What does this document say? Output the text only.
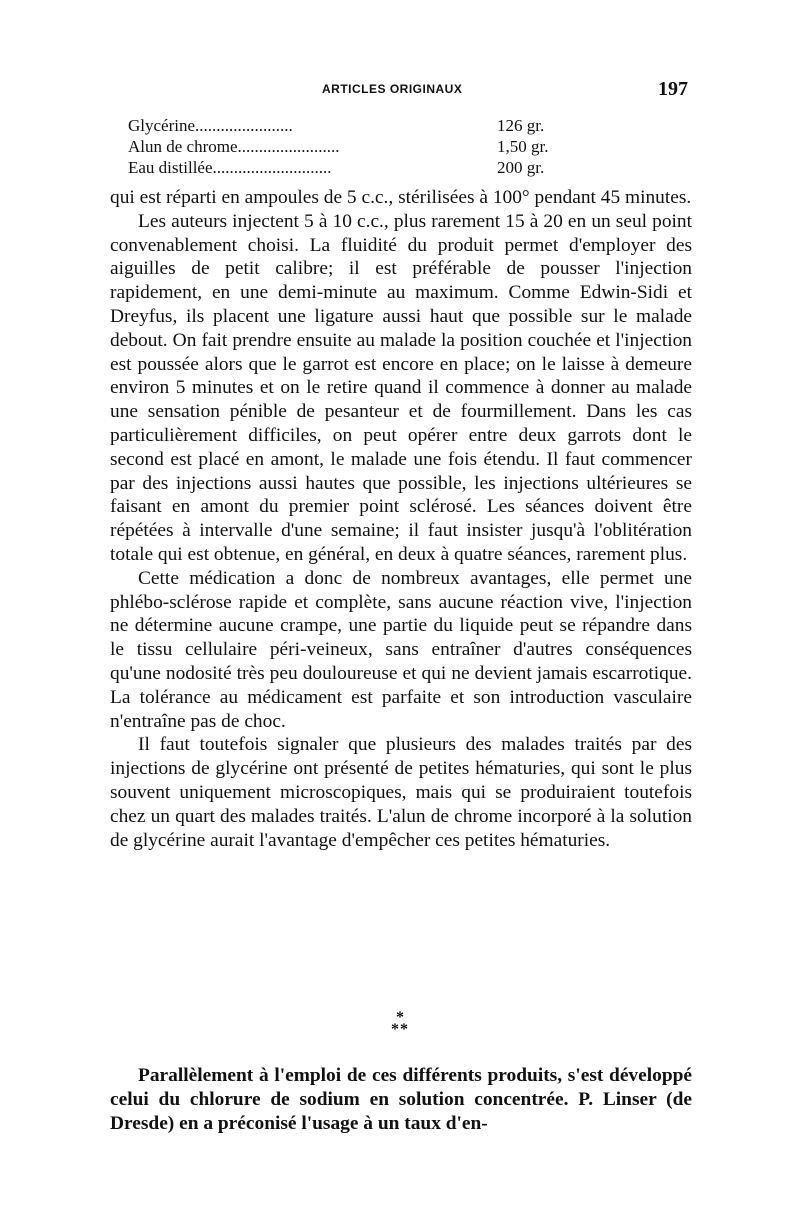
ARTICLES ORIGINAUX	197
Glycérine.......................	126 gr.
Alun de chrome........................	1,50 gr.
Eau distillée............................	200 gr.

qui est réparti en ampoules de 5 c.c., stérilisées à 100° pendant 45 minutes.

Les auteurs injectent 5 à 10 c.c., plus rarement 15 à 20 en un seul point convenablement choisi. La fluidité du produit permet d'employer des aiguilles de petit calibre; il est préférable de pousser l'injection rapidement, en une demi-minute au maximum. Comme Edwin-Sidi et Dreyfus, ils placent une ligature aussi haut que possible sur le malade debout. On fait prendre ensuite au malade la position couchée et l'injection est poussée alors que le garrot est encore en place; on le laisse à demeure environ 5 minutes et on le retire quand il commence à donner au malade une sensation pénible de pesanteur et de fourmillement. Dans les cas particulièrement difficiles, on peut opérer entre deux garrots dont le second est placé en amont, le malade une fois étendu. Il faut commencer par des injections aussi hautes que possible, les injections ultérieures se faisant en amont du premier point sclérosé. Les séances doivent être répétées à intervalle d'une semaine; il faut insister jusqu'à l'oblitération totale qui est obtenue, en général, en deux à quatre séances, rarement plus.

Cette médication a donc de nombreux avantages, elle permet une phlébo-sclérose rapide et complète, sans aucune réaction vive, l'injection ne détermine aucune crampe, une partie du liquide peut se répandre dans le tissu cellulaire péri-veineux, sans entraîner d'autres conséquences qu'une nodosité très peu douloureuse et qui ne devient jamais escarrotique. La tolérance au médicament est parfaite et son introduction vasculaire n'entraîne pas de choc.

Il faut toutefois signaler que plusieurs des malades traités par des injections de glycérine ont présenté de petites hématuries, qui sont le plus souvent uniquement microscopiques, mais qui se produiraient toutefois chez un quart des malades traités. L'alun de chrome incorporé à la solution de glycérine aurait l'avantage d'empêcher ces petites hématuries.

*
**

Parallèlement à l'emploi de ces différents produits, s'est développé celui du chlorure de sodium en solution concentrée. P. Linser (de Dresde) en a préconisé l'usage à un taux d'en-
